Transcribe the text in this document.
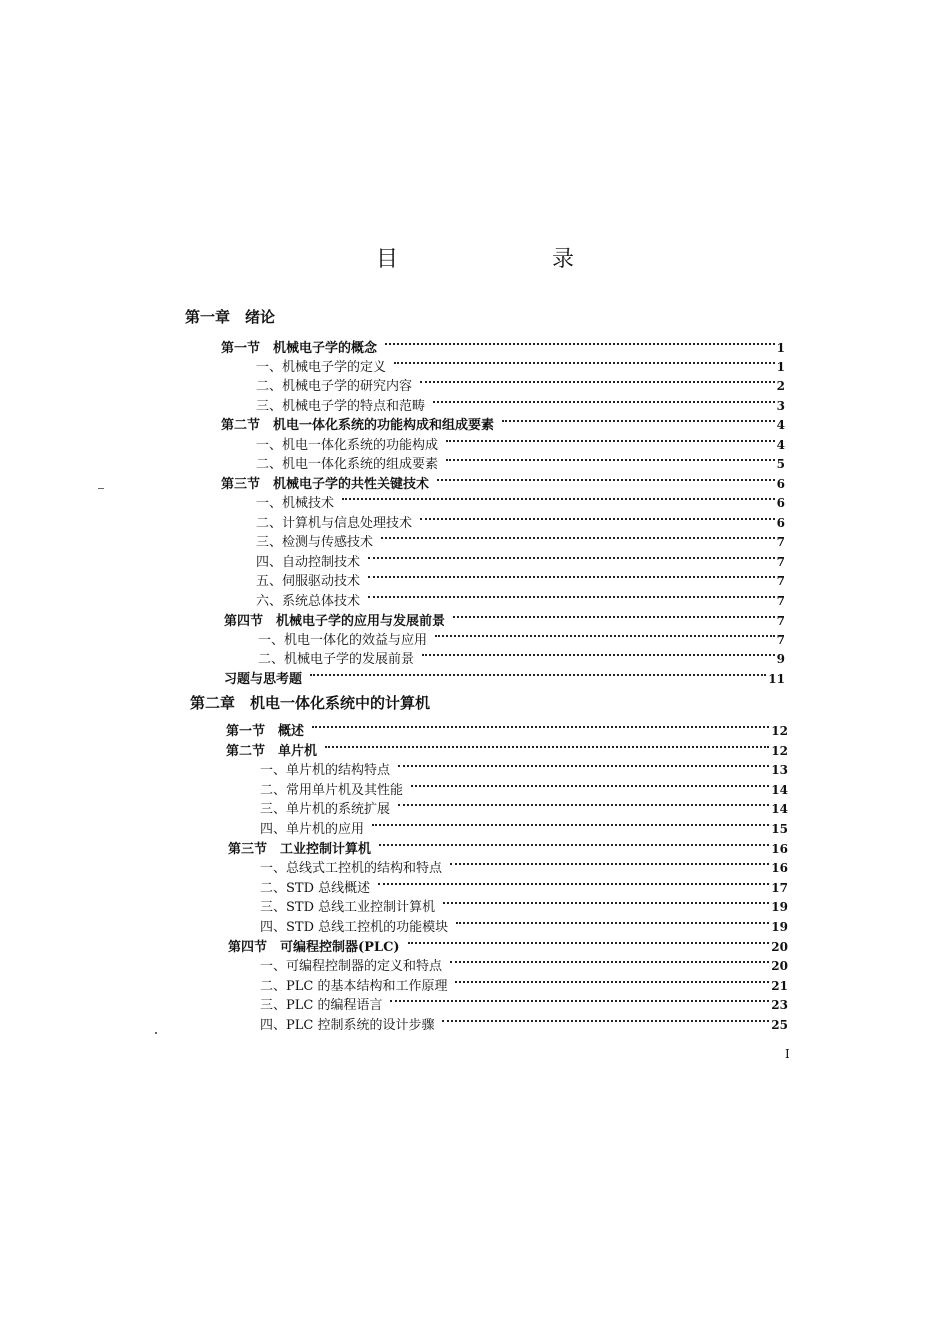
目　录
第一章　绪论
第一节　机械电子学的概念	1
一、机械电子学的定义	1
二、机械电子学的研究内容	2
三、机械电子学的特点和范畴	3
第二节　机电一体化系统的功能构成和组成要素	4
一、机电一体化系统的功能构成	4
二、机电一体化系统的组成要素	5
第三节　机械电子学的共性关键技术	6
一、机械技术	6
二、计算机与信息处理技术	6
三、检测与传感技术	7
四、自动控制技术	7
五、伺服驱动技术	7
六、系统总体技术	7
第四节　机械电子学的应用与发展前景	7
一、机电一体化的效益与应用	7
二、机械电子学的发展前景	9
习题与思考题	11
第二章　机电一体化系统中的计算机
第一节　概述	12
第二节　单片机	12
一、单片机的结构特点	13
二、常用单片机及其性能	14
三、单片机的系统扩展	14
四、单片机的应用	15
第三节　工业控制计算机	16
一、总线式工控机的结构和特点	16
二、STD 总线概述	17
三、STD 总线工业控制计算机	19
四、STD 总线工控机的功能模块	19
第四节　可编程控制器(PLC)	20
一、可编程控制器的定义和特点	20
二、PLC 的基本结构和工作原理	21
三、PLC 的编程语言	23
四、PLC 控制系统的设计步骤	25
I
